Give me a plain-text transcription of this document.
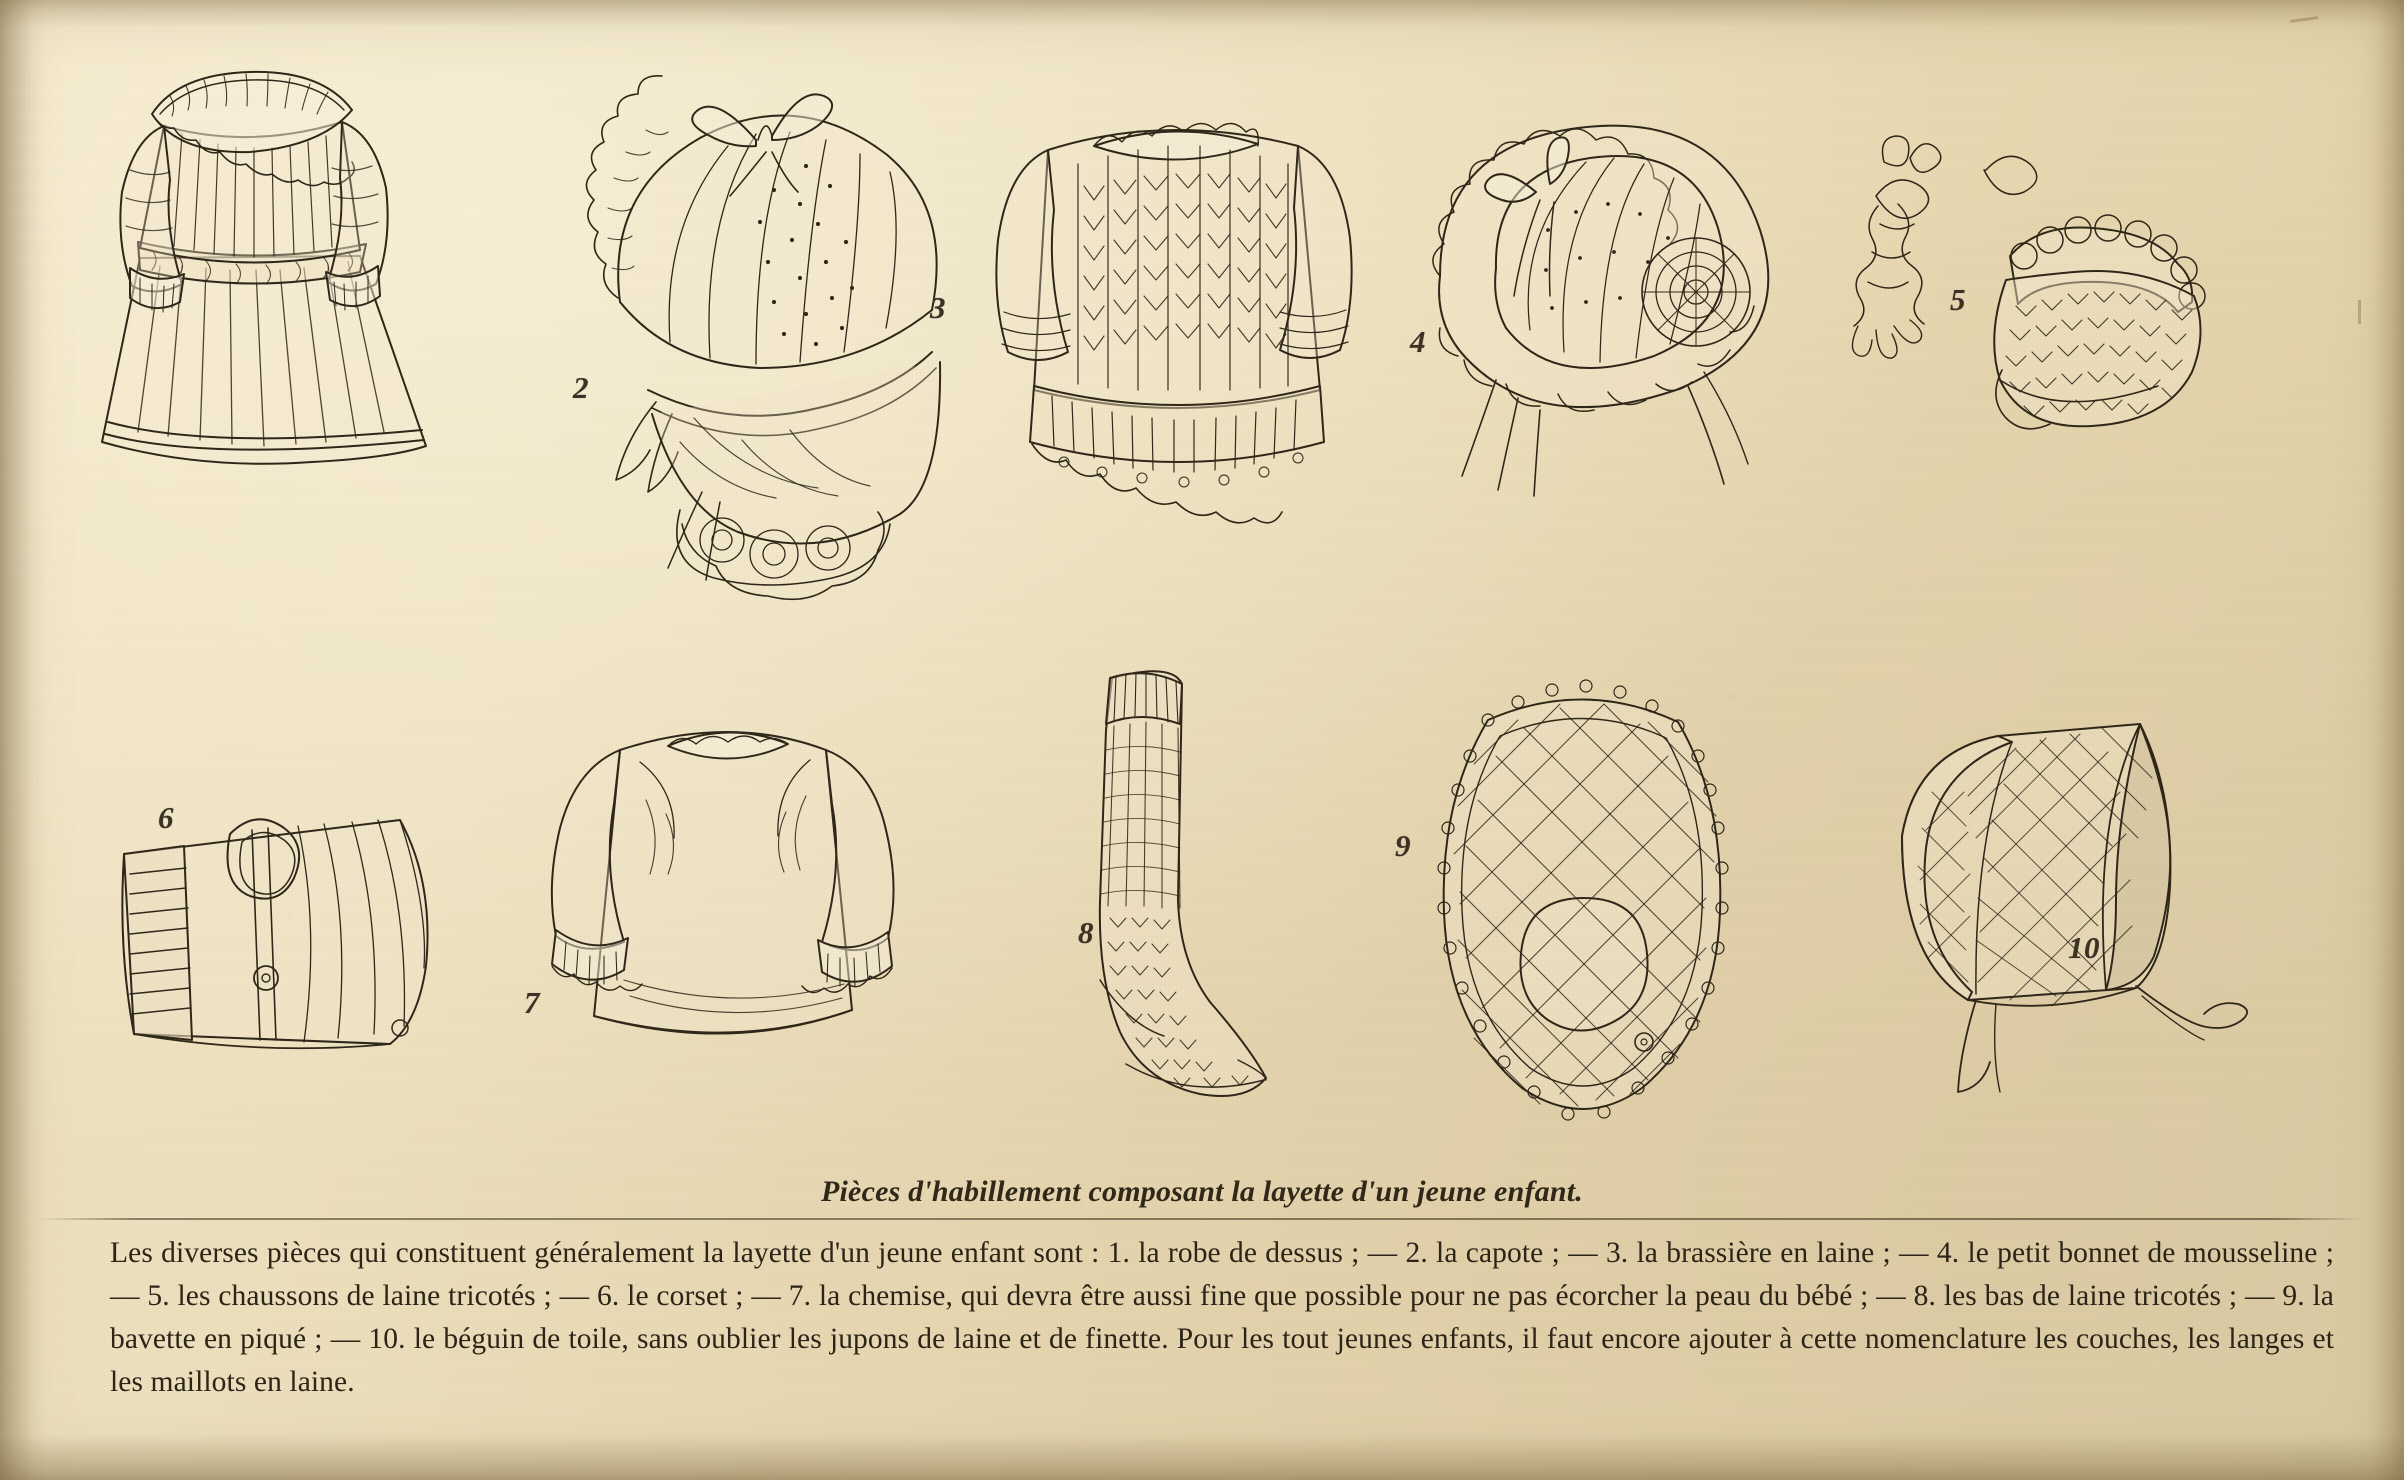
2
3
4
5
6
7
8
9
10
Pièces d'habillement composant la layette d'un jeune enfant.

Les diverses pièces qui constituent généralement la layette d'un jeune enfant sont : 1. la robe de dessus ; — 2. la capote ; — 3. la brassière en laine ; — 4. le petit bonnet de mousseline ; — 5. les chaussons de laine tricotés ; — 6. le corset ; — 7. la chemise, qui devra être aussi fine que possible pour ne pas écorcher la peau du bébé ; — 8. les bas de laine tricotés ; — 9. la bavette en piqué ; — 10. le béguin de toile, sans oublier les jupons de laine et de finette. Pour les tout jeunes enfants, il faut encore ajouter à cette nomenclature les couches, les langes et les maillots en laine.
